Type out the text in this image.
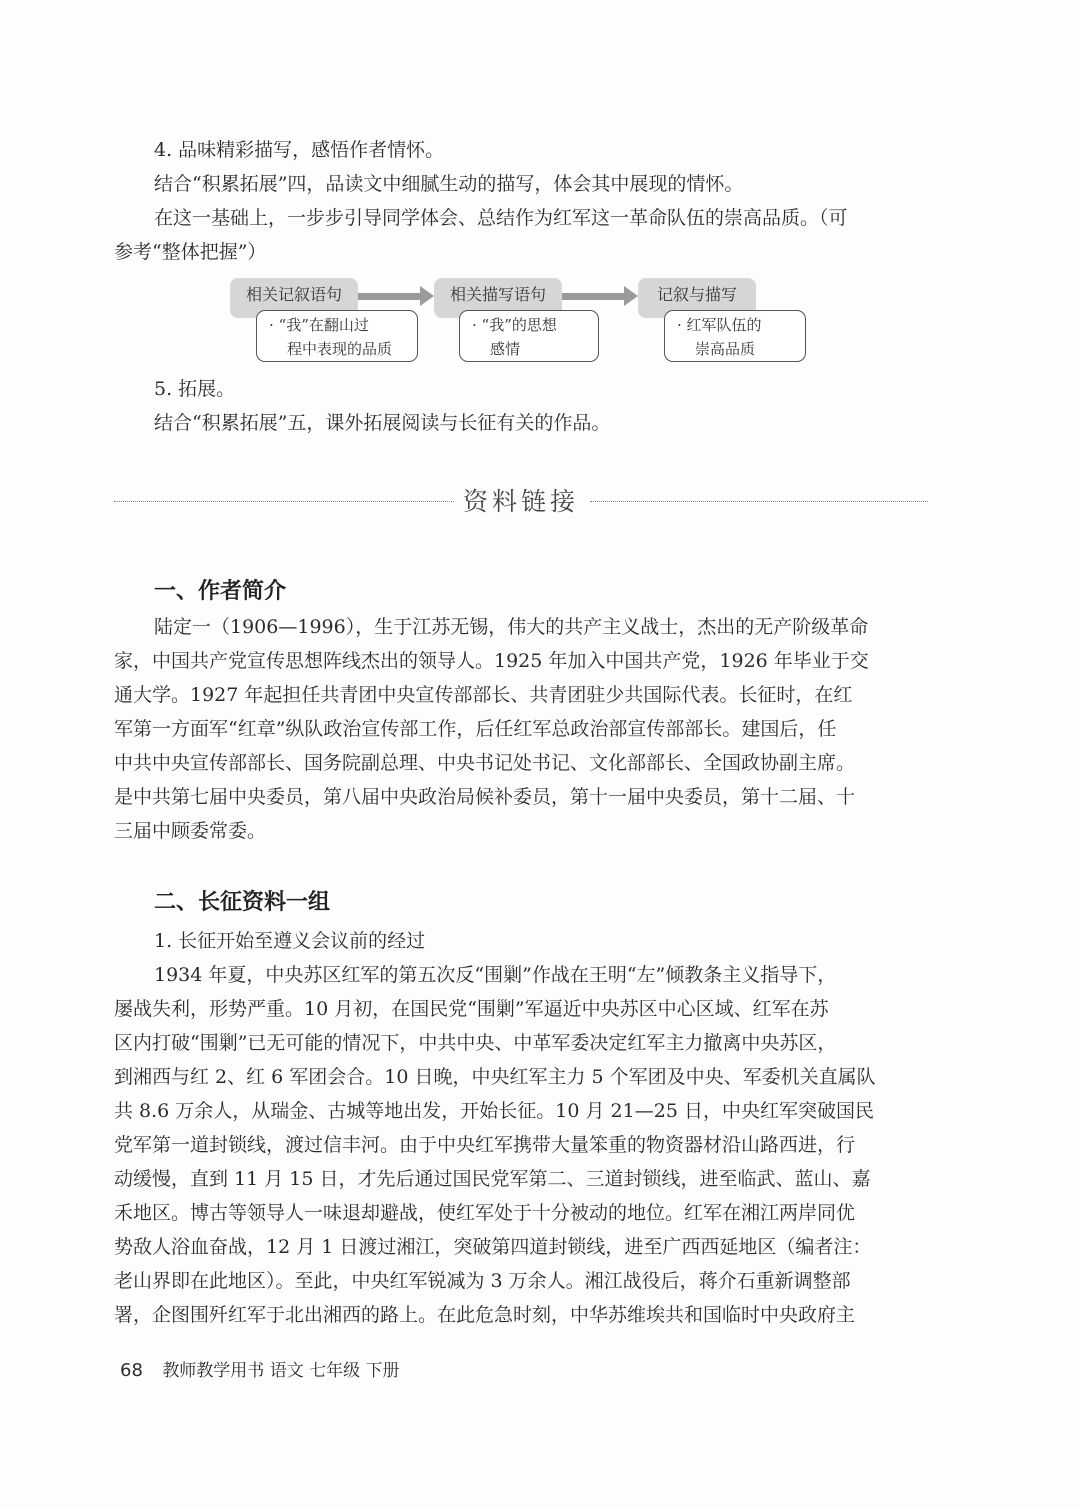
4. 品味精彩描写，感悟作者情怀。

结合“积累拓展”四，品读文中细腻生动的描写，体会其中展现的情怀。

在这一基础上，一步步引导同学体会、总结作为红军这一革命队伍的崇高品质。（可

参考“整体把握”）

相关记叙语句
· “我”在翻山过
程中表现的品质
相关描写语句
· “我”的思想
感情
记叙与描写
· 红军队伍的
崇高品质

5. 拓展。

结合“积累拓展”五，课外拓展阅读与长征有关的作品。

资料链接

一、作者简介

陆定一（1906—1996），生于江苏无锡，伟大的共产主义战士，杰出的无产阶级革命

家，中国共产党宣传思想阵线杰出的领导人。1925 年加入中国共产党，1926 年毕业于交

通大学。1927 年起担任共青团中央宣传部部长、共青团驻少共国际代表。长征时，在红

军第一方面军“红章”纵队政治宣传部工作，后任红军总政治部宣传部部长。建国后，任

中共中央宣传部部长、国务院副总理、中央书记处书记、文化部部长、全国政协副主席。

是中共第七届中央委员，第八届中央政治局候补委员，第十一届中央委员，第十二届、十

三届中顾委常委。

二、长征资料一组

1. 长征开始至遵义会议前的经过

1934 年夏，中央苏区红军的第五次反“围剿”作战在王明“左”倾教条主义指导下，

屡战失利，形势严重。10 月初，在国民党“围剿”军逼近中央苏区中心区域、红军在苏

区内打破“围剿”已无可能的情况下，中共中央、中革军委决定红军主力撤离中央苏区，

到湘西与红 2、红 6 军团会合。10 日晚，中央红军主力 5 个军团及中央、军委机关直属队

共 8.6 万余人，从瑞金、古城等地出发，开始长征。10 月 21—25 日，中央红军突破国民

党军第一道封锁线，渡过信丰河。由于中央红军携带大量笨重的物资器材沿山路西进，行

动缓慢，直到 11 月 15 日，才先后通过国民党军第二、三道封锁线，进至临武、蓝山、嘉

禾地区。博古等领导人一味退却避战，使红军处于十分被动的地位。红军在湘江两岸同优

势敌人浴血奋战，12 月 1 日渡过湘江，突破第四道封锁线，进至广西西延地区（编者注：

老山界即在此地区）。至此，中央红军锐减为 3 万余人。湘江战役后，蒋介石重新调整部

署，企图围歼红军于北出湘西的路上。在此危急时刻，中华苏维埃共和国临时中央政府主

68 教师教学用书 语文 七年级 下册
